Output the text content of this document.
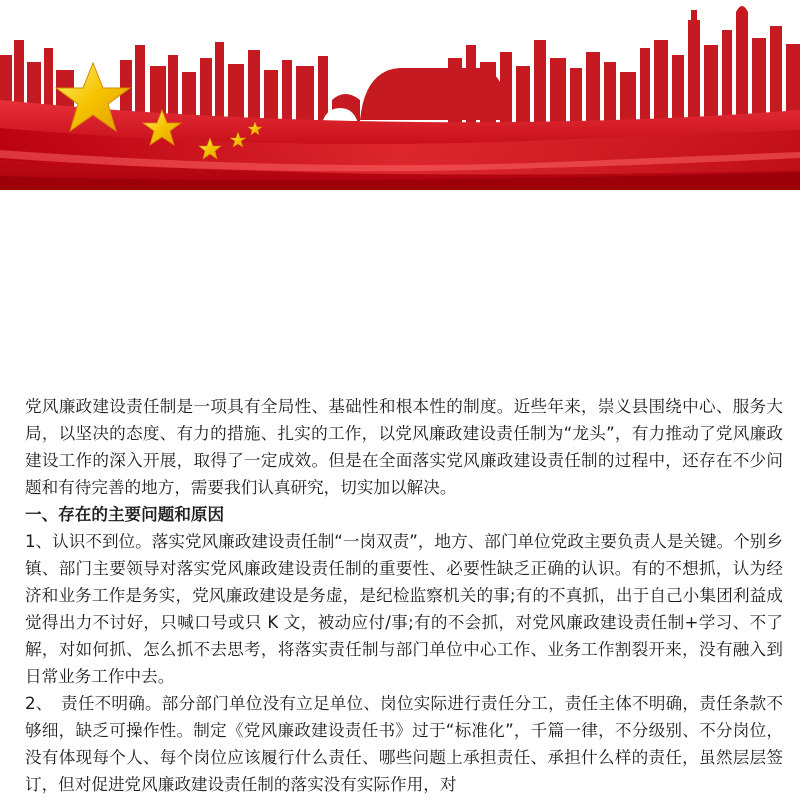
党风廉政建设责任制是一项具有全局性、基础性和根本性的制度。近些年来，崇义县围绕中心、服务大局，以坚决的态度、有力的措施、扎实的工作，以党风廉政建设责任制为“龙头”，有力推动了党风廉政建设工作的深入开展，取得了一定成效。但是在全面落实党风廉政建设责任制的过程中，还存在不少问题和有待完善的地方，需要我们认真研究，切实加以解决。

一、存在的主要问题和原因

1、认识不到位。落实党风廉政建设责任制“一岗双责”，地方、部门单位党政主要负责人是关键。个别乡镇、部门主要领导对落实党风廉政建设责任制的重要性、必要性缺乏正确的认识。有的不想抓，认为经济和业务工作是务实，党风廉政建设是务虚，是纪检监察机关的事;有的不真抓，出于自己小集团利益成觉得出力不讨好，只喊口号或只 K 文，被动应付/事;有的不会抓，对党风廉政建设责任制+学习、不了解，对如何抓、怎么抓不去思考，将落实责任制与部门单位中心工作、业务工作割裂开来，没有融入到日常业务工作中去。

2、　责任不明确。部分部门单位没有立足单位、岗位实际进行责任分工，责任主体不明确，责任条款不够细，缺乏可操作性。制定《党风廉政建设责任书》过于“标准化”，千篇一律，不分级别、不分岗位，没有体现每个人、每个岗位应该履行什么责任、哪些问题上承担责任、承担什么样的责任，虽然层层签订，但对促进党风廉政建设责任制的落实没有实际作用，对
